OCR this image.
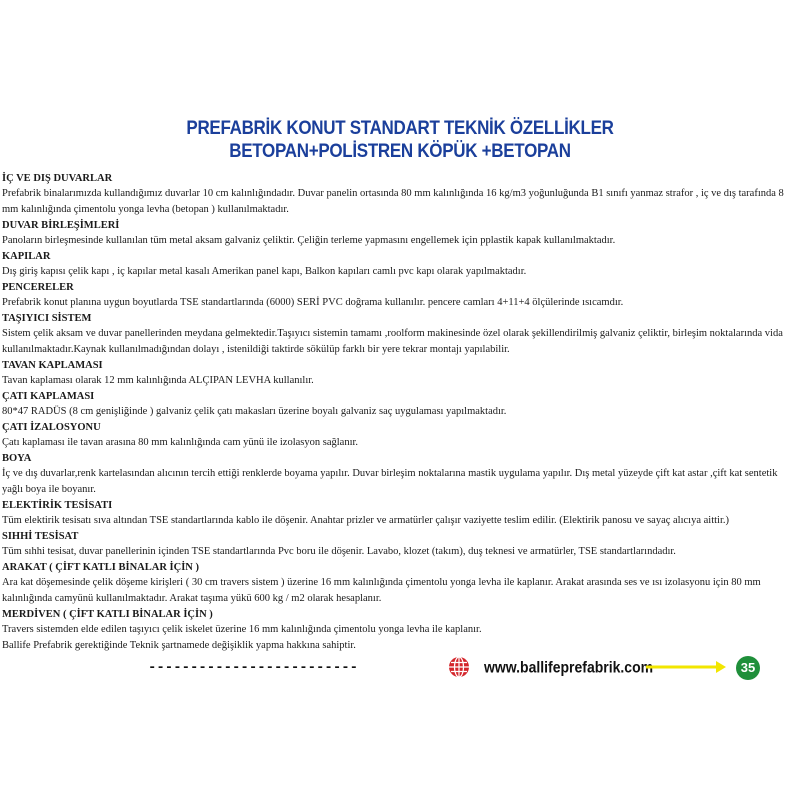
PREFABRİK KONUT STANDART TEKNİK ÖZELLİKLER
BETOPAN+POLİSTREN KÖPÜK +BETOPAN
İÇ VE DIŞ DUVARLAR
Prefabrik binalarımızda kullandığımız duvarlar 10 cm kalınlığındadır. Duvar panelin ortasında 80 mm kalınlığında 16 kg/m3 yoğunluğunda B1 sınıfı yanmaz strafor , iç ve dış tarafında 8 mm kalınlığında çimentolu yonga levha (betopan ) kullanılmaktadır.
DUVAR BİRLEŞİMLERİ
Panoların birleşmesinde kullanılan tüm metal aksam galvaniz çeliktir. Çeliğin terleme yapmasını engellemek için pplastik kapak kullanılmaktadır.
KAPILAR
Dış giriş kapısı çelik kapı , iç kapılar metal kasalı Amerikan panel kapı, Balkon kapıları camlı pvc kapı olarak yapılmaktadır.
PENCERELER
Prefabrik konut planına uygun boyutlarda TSE standartlarında (6000) SERİ PVC doğrama kullanılır. pencere camları 4+11+4 ölçülerinde ısıcamdır.
TAŞIYICI SİSTEM
Sistem çelik aksam ve duvar panellerinden meydana gelmektedir.Taşıyıcı sistemin tamamı ,roolform makinesinde özel olarak şekillendirilmiş galvaniz çeliktir, birleşim noktalarında vida kullanılmaktadır.Kaynak kullanılmadığından dolayı , istenildiği taktirde sökülüp farklı bir yere tekrar montajı yapılabilir.
TAVAN KAPLAMASI
Tavan kaplaması olarak 12 mm kalınlığında ALÇIPAN LEVHA kullanılır.
ÇATI KAPLAMASI
80*47 RADÜS (8 cm genişliğinde ) galvaniz çelik çatı makasları üzerine boyalı galvaniz saç uygulaması yapılmaktadır.
ÇATI İZALOSYONU
Çatı kaplaması ile tavan arasına 80 mm kalınlığında cam yünü ile izolasyon sağlanır.
BOYA
İç ve dış duvarlar,renk kartelasından alıcının tercih ettiği renklerde boyama yapılır. Duvar birleşim noktalarına mastik uygulama yapılır. Dış metal yüzeyde çift kat astar ,çift kat sentetik yağlı boya ile boyanır.
ELEKTİRİK TESİSATI
Tüm elektirik tesisatı sıva altından TSE standartlarında kablo ile döşenir. Anahtar prizler ve armatürler çalışır vaziyette teslim edilir. (Elektirik panosu ve sayaç alıcıya aittir.)
SIHHİ TESİSAT
Tüm sıhhi tesisat, duvar panellerinin içinden TSE standartlarında Pvc boru ile döşenir. Lavabo, klozet (takım), duş teknesi ve armatürler, TSE standartlarındadır.
ARAKAT ( ÇİFT KATLI BİNALAR İÇİN )
Ara kat döşemesinde çelik döşeme kirişleri ( 30 cm travers sistem ) üzerine 16 mm kalınlığında çimentolu yonga levha ile kaplanır. Arakat arasında ses ve ısı izolasyonu için 80 mm kalınlığında camyünü kullanılmaktadır. Arakat taşıma yükü 600 kg / m2 olarak hesaplanır.
MERDİVEN ( ÇİFT KATLI BİNALAR İÇİN )
Travers sistemden elde edilen taşıyıcı çelik iskelet üzerine 16 mm kalınlığında çimentolu yonga levha ile kaplanır.
Ballife Prefabrik gerektiğinde Teknik şartnamede değişiklik yapma hakkına sahiptir.
-------------------------	www.ballifeprefabrik.com	35
